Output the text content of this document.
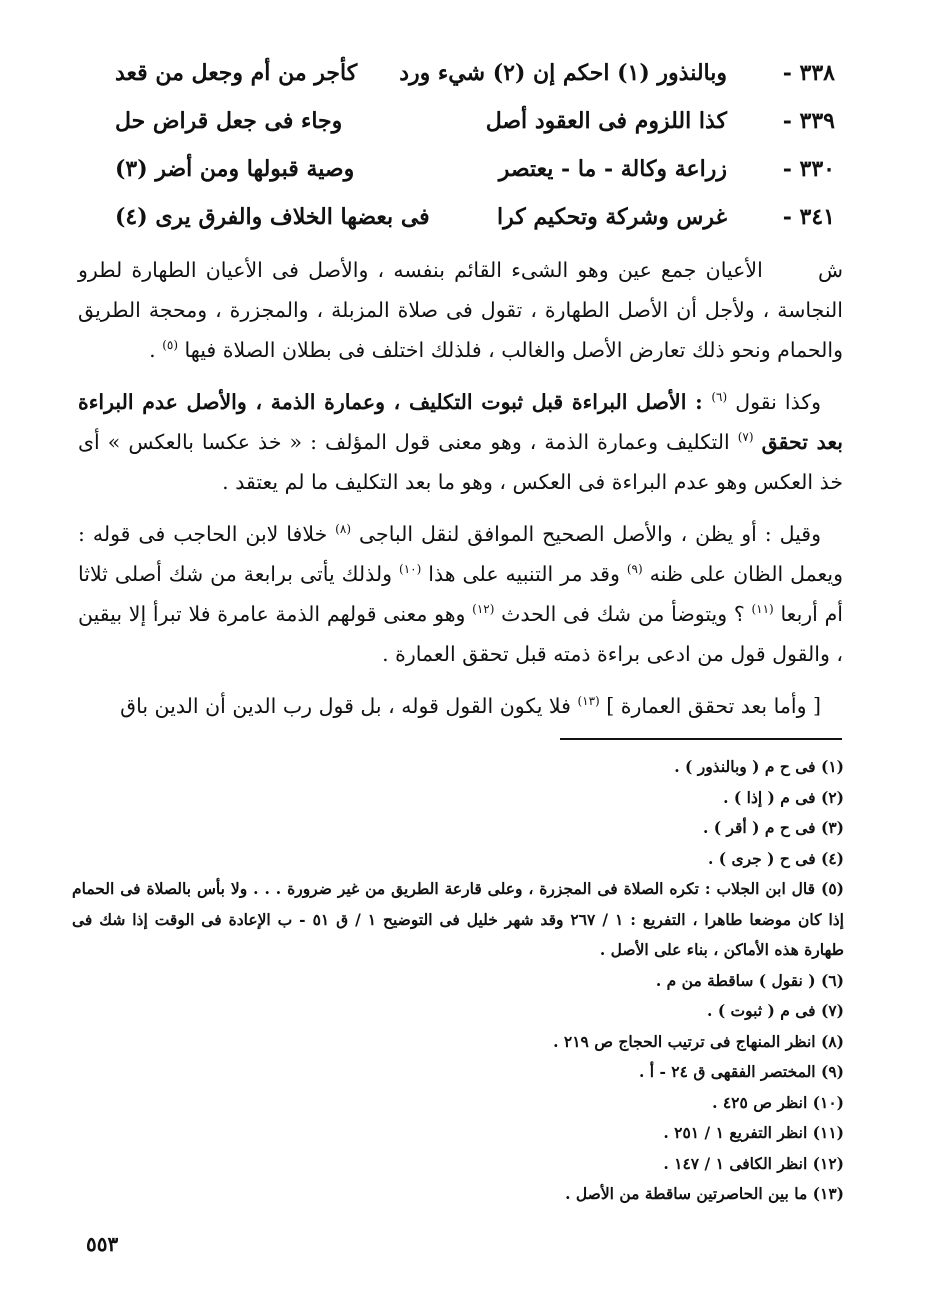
٣٣٨ -
وبالنذور (١) احكم إن (٢) شيء ورد
كأجر من أم وجعل من قعد
٣٣٩ -
كذا اللزوم فى العقود أصل
وجاء فى جعل قراض حل
٣٣٠ -
زراعة وكالة - ما - يعتصر
وصية قبولها ومن أضر (٣)
٣٤١ -
غرس وشركة وتحكيم كرا
فى بعضها الخلاف والفرق يرى (٤)

ش      الأعيان جمع عين وهو الشىء القائم بنفسه ، والأصل فى الأعيان الطهارة لطرو النجاسة ، ولأجل أن الأصل الطهارة ، تقول فى صلاة المزبلة ، والمجزرة ، ومحجة الطريق والحمام ونحو ذلك تعارض الأصل والغالب ، فلذلك اختلف فى بطلان الصلاة فيها $^{(٥)}$ .

وكذا نقول $^{(٦)}$ : الأصل البراءة قبل ثبوت التكليف ، وعمارة الذمة ، والأصل عدم البراءة بعد تحقق $^{(٧)}$ التكليف وعمارة الذمة ، وهو معنى قول المؤلف : « خذ عكسا بالعكس » أى خذ العكس وهو عدم البراءة فى العكس ، وهو ما بعد التكليف ما لم يعتقد .

وقيل : أو يظن ، والأصل الصحيح الموافق لنقل الباجى $^{(٨)}$ خلافا لابن الحاجب فى قوله : ويعمل الظان على ظنه $^{(٩)}$ وقد مر التنبيه على هذا $^{(١٠)}$ ولذلك يأتى برابعة من شك أصلى ثلاثا أم أربعا $^{(١١)}$ ؟ ويتوضأ من شك فى الحدث $^{(١٢)}$ وهو معنى قولهم الذمة عامرة فلا تبرأ إلا بيقين ، والقول قول من ادعى براءة ذمته قبل تحقق العمارة .

[ وأما بعد تحقق العمارة ] $^{(١٣)}$ فلا يكون القول قوله ، بل قول رب الدين أن الدين باق

(١) فى ح م ( وبالنذور ) .

(٢) فى م ( إذا ) .

(٣) فى ح م ( أقر ) .

(٤) فى ح ( جرى ) .

(٥) قال ابن الجلاب : تكره الصلاة فى المجزرة ، وعلى قارعة الطريق من غير ضرورة . . . ولا بأس بالصلاة فى الحمام إذا كان موضعا طاهرا ، التفريع : ١ / ٢٦٧ وقد شهر خليل فى التوضيح ١ / ق ٥١ - ب الإعادة فى الوقت إذا شك فى طهارة هذه الأماكن ، بناء على الأصل .

(٦) ( نقول ) ساقطة من م .

(٧) فى م ( ثبوت ) .

(٨) انظر المنهاج فى ترتيب الحجاج ص ٢١٩ .

(٩) المختصر الفقهى ق ٢٤ - أ .

(١٠) انظر ص ٤٢٥ .

(١١) انظر التفريع ١ / ٢٥١ .

(١٢) انظر الكافى ١ / ١٤٧ .

(١٣) ما بين الحاصرتين ساقطة من الأصل .

٥٥٣
